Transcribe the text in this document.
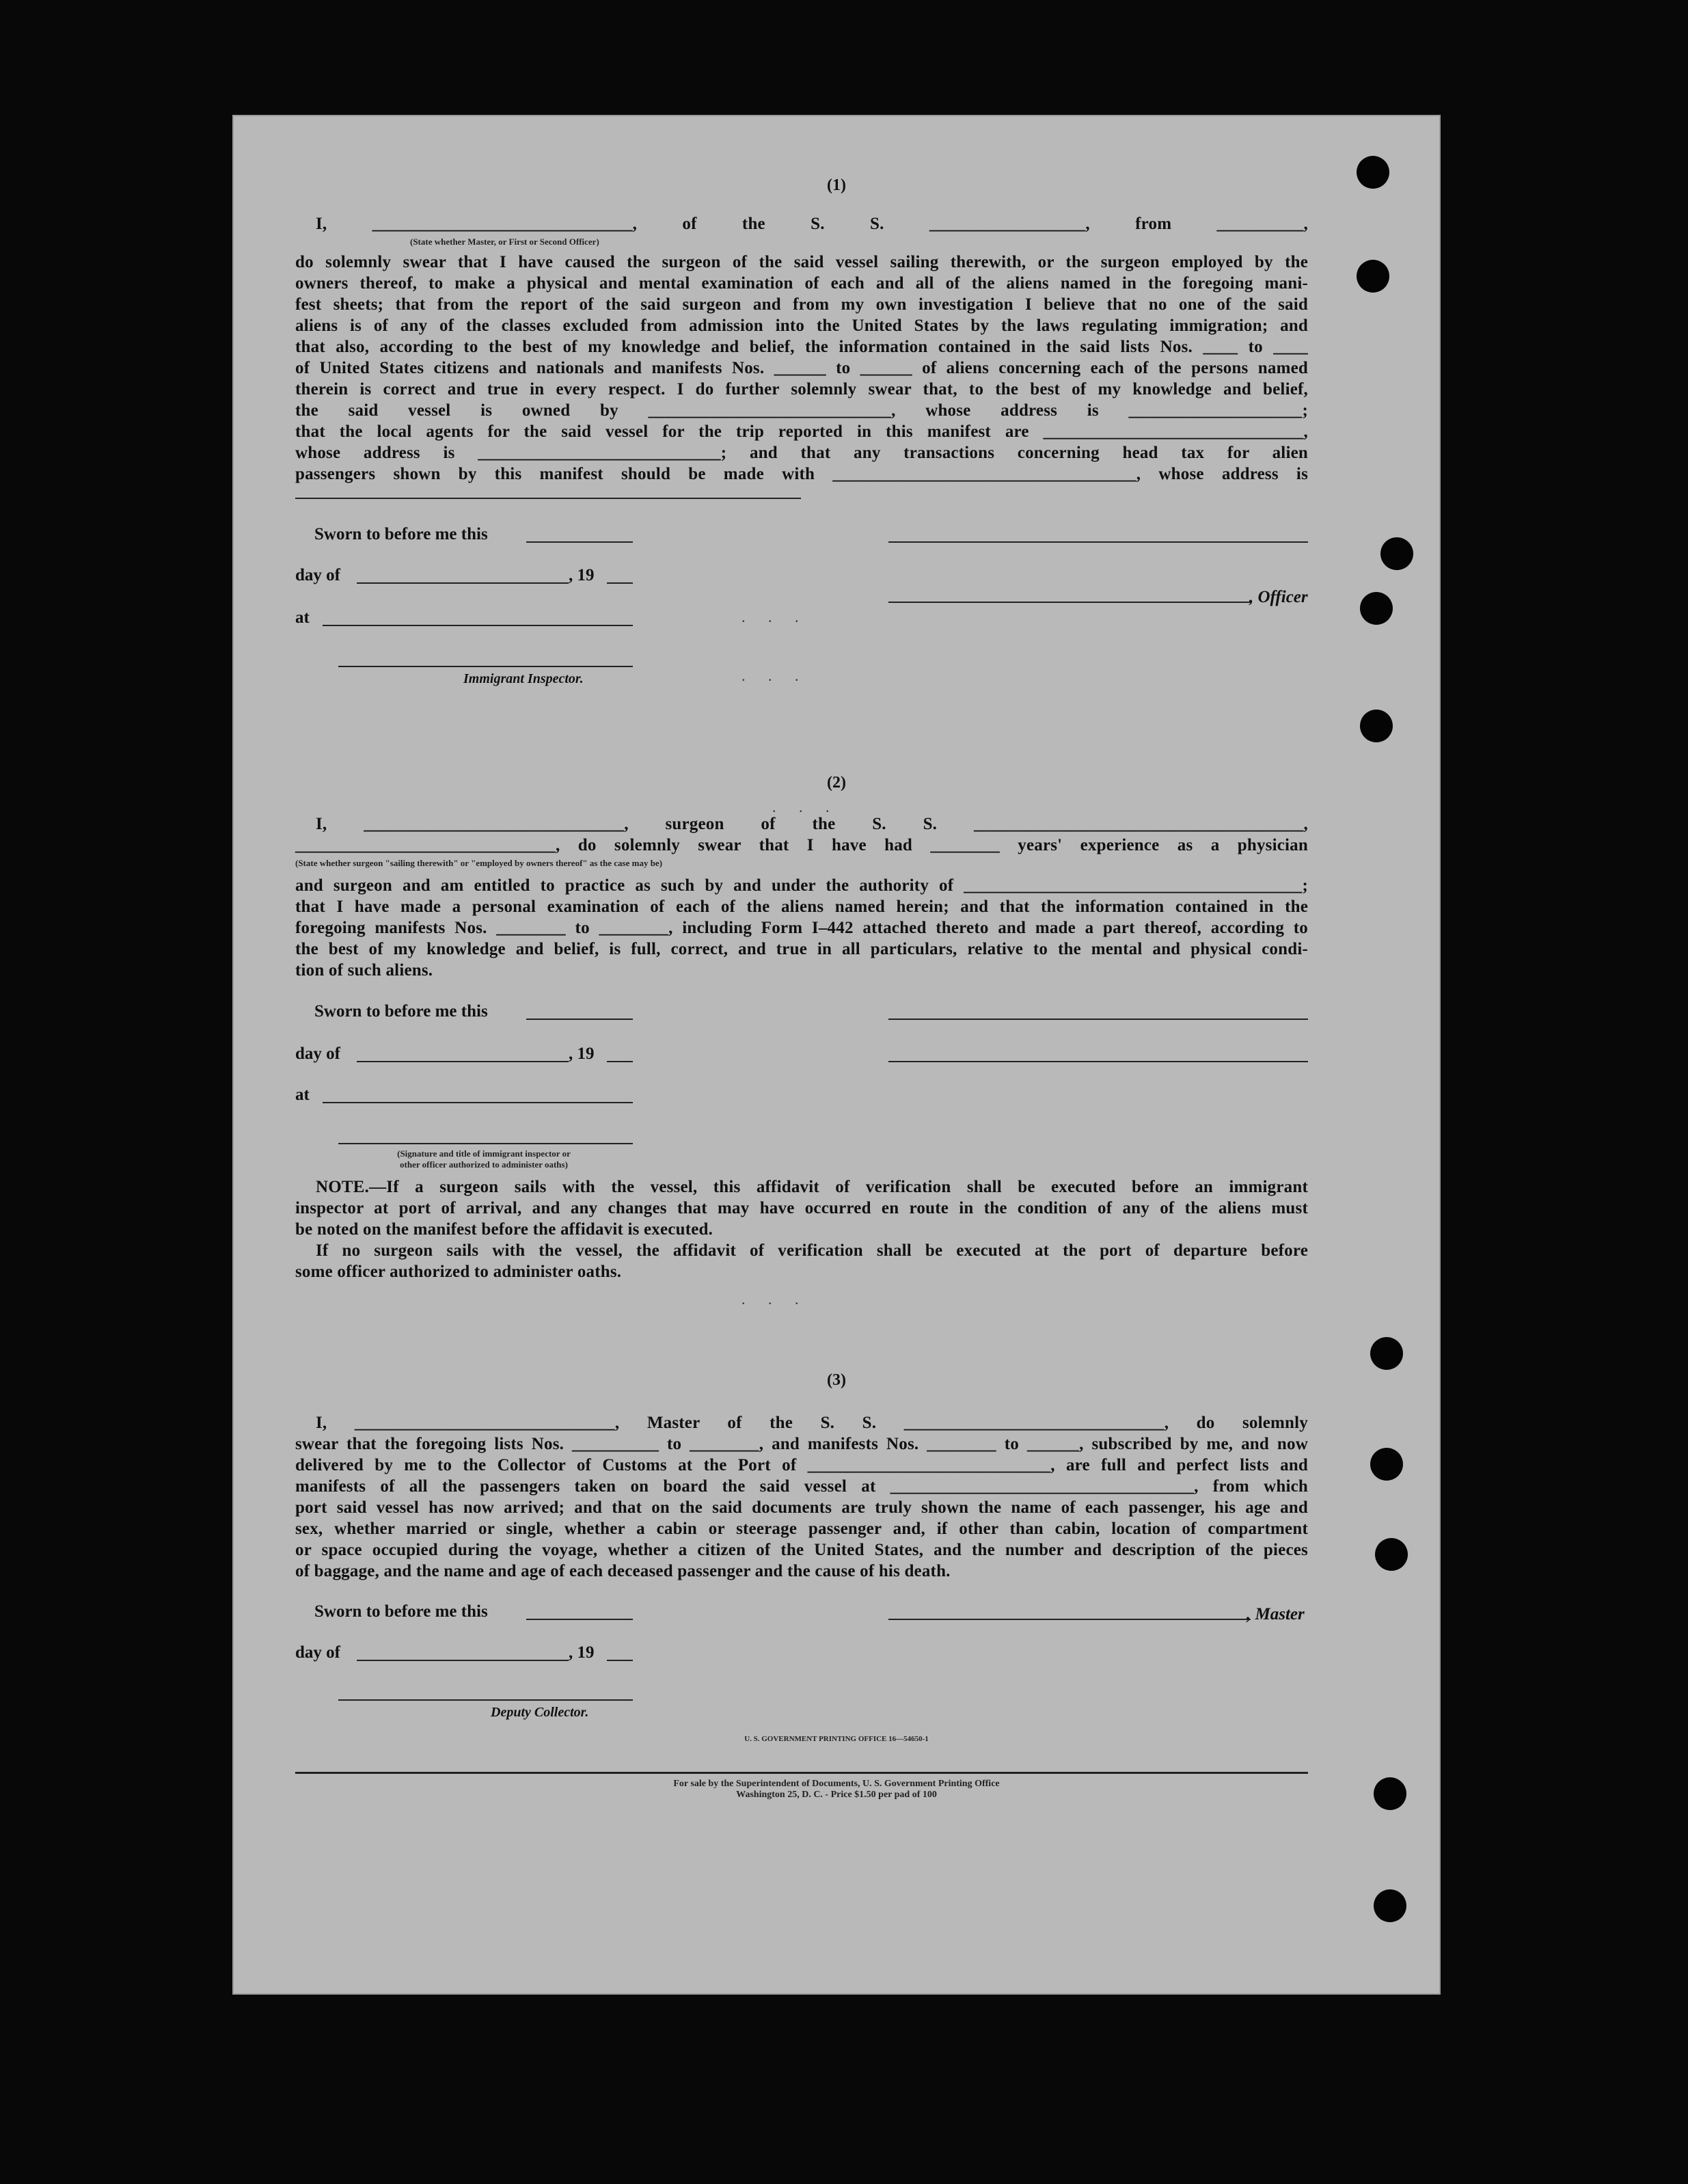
(1)
I, ______________________________, of the S. S. __________________, from __________,
(State whether Master, or First or Second Officer)
do solemnly swear that I have caused the surgeon of the said vessel sailing therewith, or the surgeon employed by the
owners thereof, to make a physical and mental examination of each and all of the aliens named in the foregoing mani-
fest sheets; that from the report of the said surgeon and from my own investigation I believe that no one of the said
aliens is of any of the classes excluded from admission into the United States by the laws regulating immigration; and
that also, according to the best of my knowledge and belief, the information contained in the said lists Nos. ____ to ____
of United States citizens and nationals and manifests Nos. ______ to ______ of aliens concerning each of the persons named
therein is correct and true in every respect. I do further solemnly swear that, to the best of my knowledge and belief,
the said vessel is owned by ____________________________, whose address is ____________________;
that the local agents for the said vessel for the trip reported in this manifest are ______________________________,
whose address is ____________________________; and that any transactions concerning head tax for alien
passengers shown by this manifest should be made with ___________________________________, whose address is
Sworn to before me this
day of	, 19
, Officer
at	. . .
Immigrant Inspector.	. . .
. . .
(2)
I, ______________________________, surgeon of the S. S. ______________________________________,
______________________________, do solemnly swear that I have had ________ years' experience as a physician
(State whether surgeon "sailing therewith" or "employed by owners thereof" as the case may be)
and surgeon and am entitled to practice as such by and under the authority of _______________________________________;
that I have made a personal examination of each of the aliens named herein; and that the information contained in the
foregoing manifests Nos. ________ to ________, including Form I–442 attached thereto and made a part thereof, according to
the best of my knowledge and belief, is full, correct, and true in all particulars, relative to the mental and physical condi-
tion of such aliens.
Sworn to before me this
day of	, 19
at
(Signature and title of immigrant inspector or
other officer authorized to administer oaths)
NOTE.—If a surgeon sails with the vessel, this affidavit of verification shall be executed before an immigrant
inspector at port of arrival, and any changes that may have occurred en route in the condition of any of the aliens must
be noted on the manifest before the affidavit is executed.
If no surgeon sails with the vessel, the affidavit of verification shall be executed at the port of departure before
some officer authorized to administer oaths.
. . .
(3)
I, ______________________________, Master of the S. S. ______________________________, do solemnly
swear that the foregoing lists Nos. __________ to ________, and manifests Nos. ________ to ______, subscribed by me, and now
delivered by me to the Collector of Customs at the Port of ____________________________, are full and perfect lists and
manifests of all the passengers taken on board the said vessel at ___________________________________, from which
port said vessel has now arrived; and that on the said documents are truly shown the name of each passenger, his age and
sex, whether married or single, whether a cabin or steerage passenger and, if other than cabin, location of compartment
or space occupied during the voyage, whether a citizen of the United States, and the number and description of the pieces
of baggage, and the name and age of each deceased passenger and the cause of his death.
Sworn to before me this	, Master
day of	, 19
Deputy Collector.
U. S. GOVERNMENT PRINTING OFFICE 16—54650-1
For sale by the Superintendent of Documents, U. S. Government Printing Office
Washington 25, D. C. - Price $1.50 per pad of 100
